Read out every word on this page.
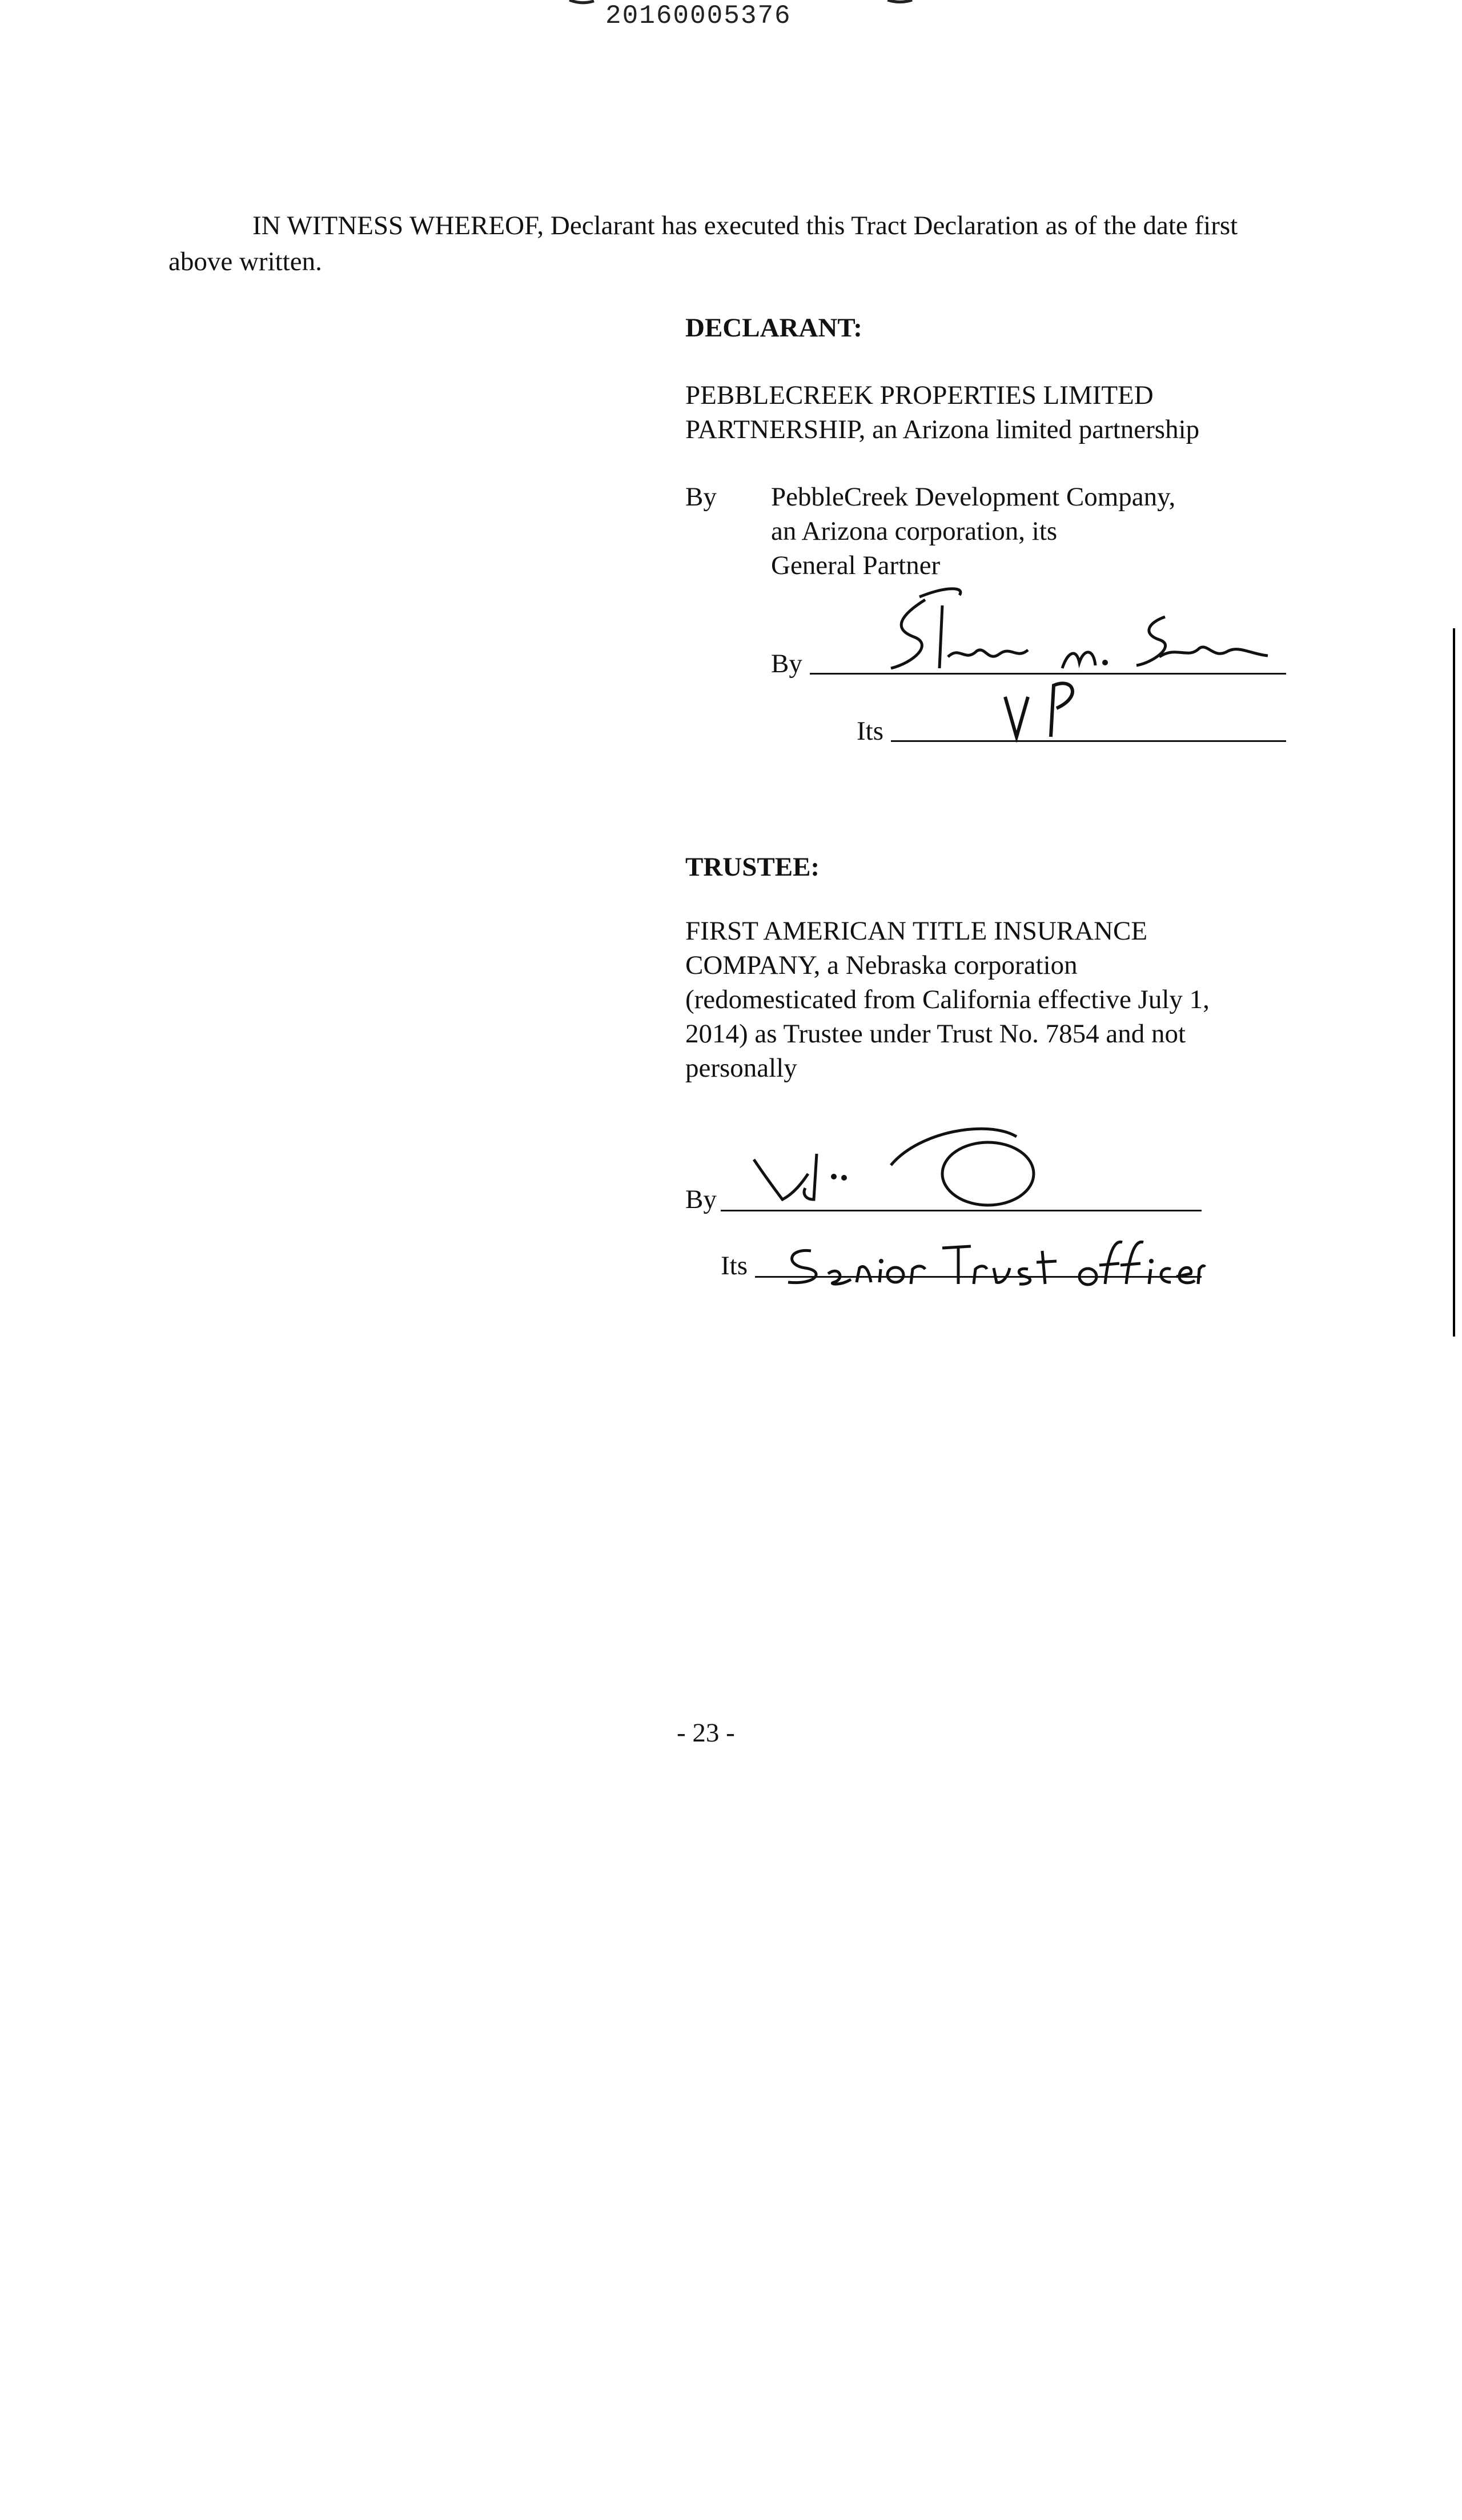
20160005376
IN WITNESS WHEREOF, Declarant has executed this Tract Declaration as of the date first
above written.
DECLARANT:
PEBBLECREEK PROPERTIES LIMITED
PARTNERSHIP, an Arizona limited partnership
By PebbleCreek Development Company,
an Arizona corporation, its
General Partner
By
Its
TRUSTEE:
FIRST AMERICAN TITLE INSURANCE
COMPANY, a Nebraska corporation
(redomesticated from California effective July 1,
2014) as Trustee under Trust No. 7854 and not
personally
By
Its
- 23 -
